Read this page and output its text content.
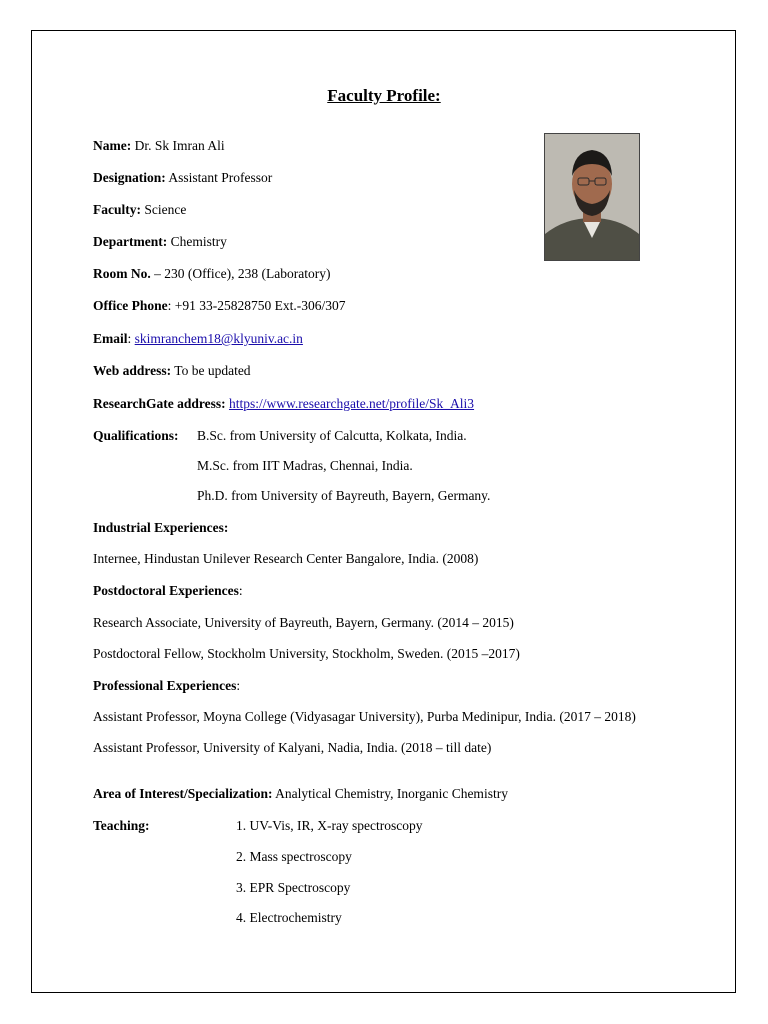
Faculty Profile:
Name: Dr. Sk Imran Ali
Designation: Assistant Professor
Faculty: Science
Department: Chemistry
Room No. – 230 (Office), 238 (Laboratory)
Office Phone: +91 33-25828750 Ext.-306/307
Email: skimranchem18@klyuniv.ac.in
Web address: To be updated
ResearchGate address: https://www.researchgate.net/profile/Sk_Ali3
Qualifications: B.Sc. from University of Calcutta, Kolkata, India.
M.Sc. from IIT Madras, Chennai, India.
Ph.D. from University of Bayreuth, Bayern, Germany.
Industrial Experiences:
Internee, Hindustan Unilever Research Center Bangalore, India. (2008)
Postdoctoral Experiences:
Research Associate, University of Bayreuth, Bayern, Germany. (2014 – 2015)
Postdoctoral Fellow, Stockholm University, Stockholm, Sweden. (2015 –2017)
Professional Experiences:
Assistant Professor, Moyna College (Vidyasagar University), Purba Medinipur, India. (2017 – 2018)
Assistant Professor, University of Kalyani, Nadia, India. (2018 – till date)
Area of Interest/Specialization: Analytical Chemistry, Inorganic Chemistry
Teaching:	1. UV-Vis, IR, X-ray spectroscopy
2. Mass spectroscopy
3. EPR Spectroscopy
4. Electrochemistry
